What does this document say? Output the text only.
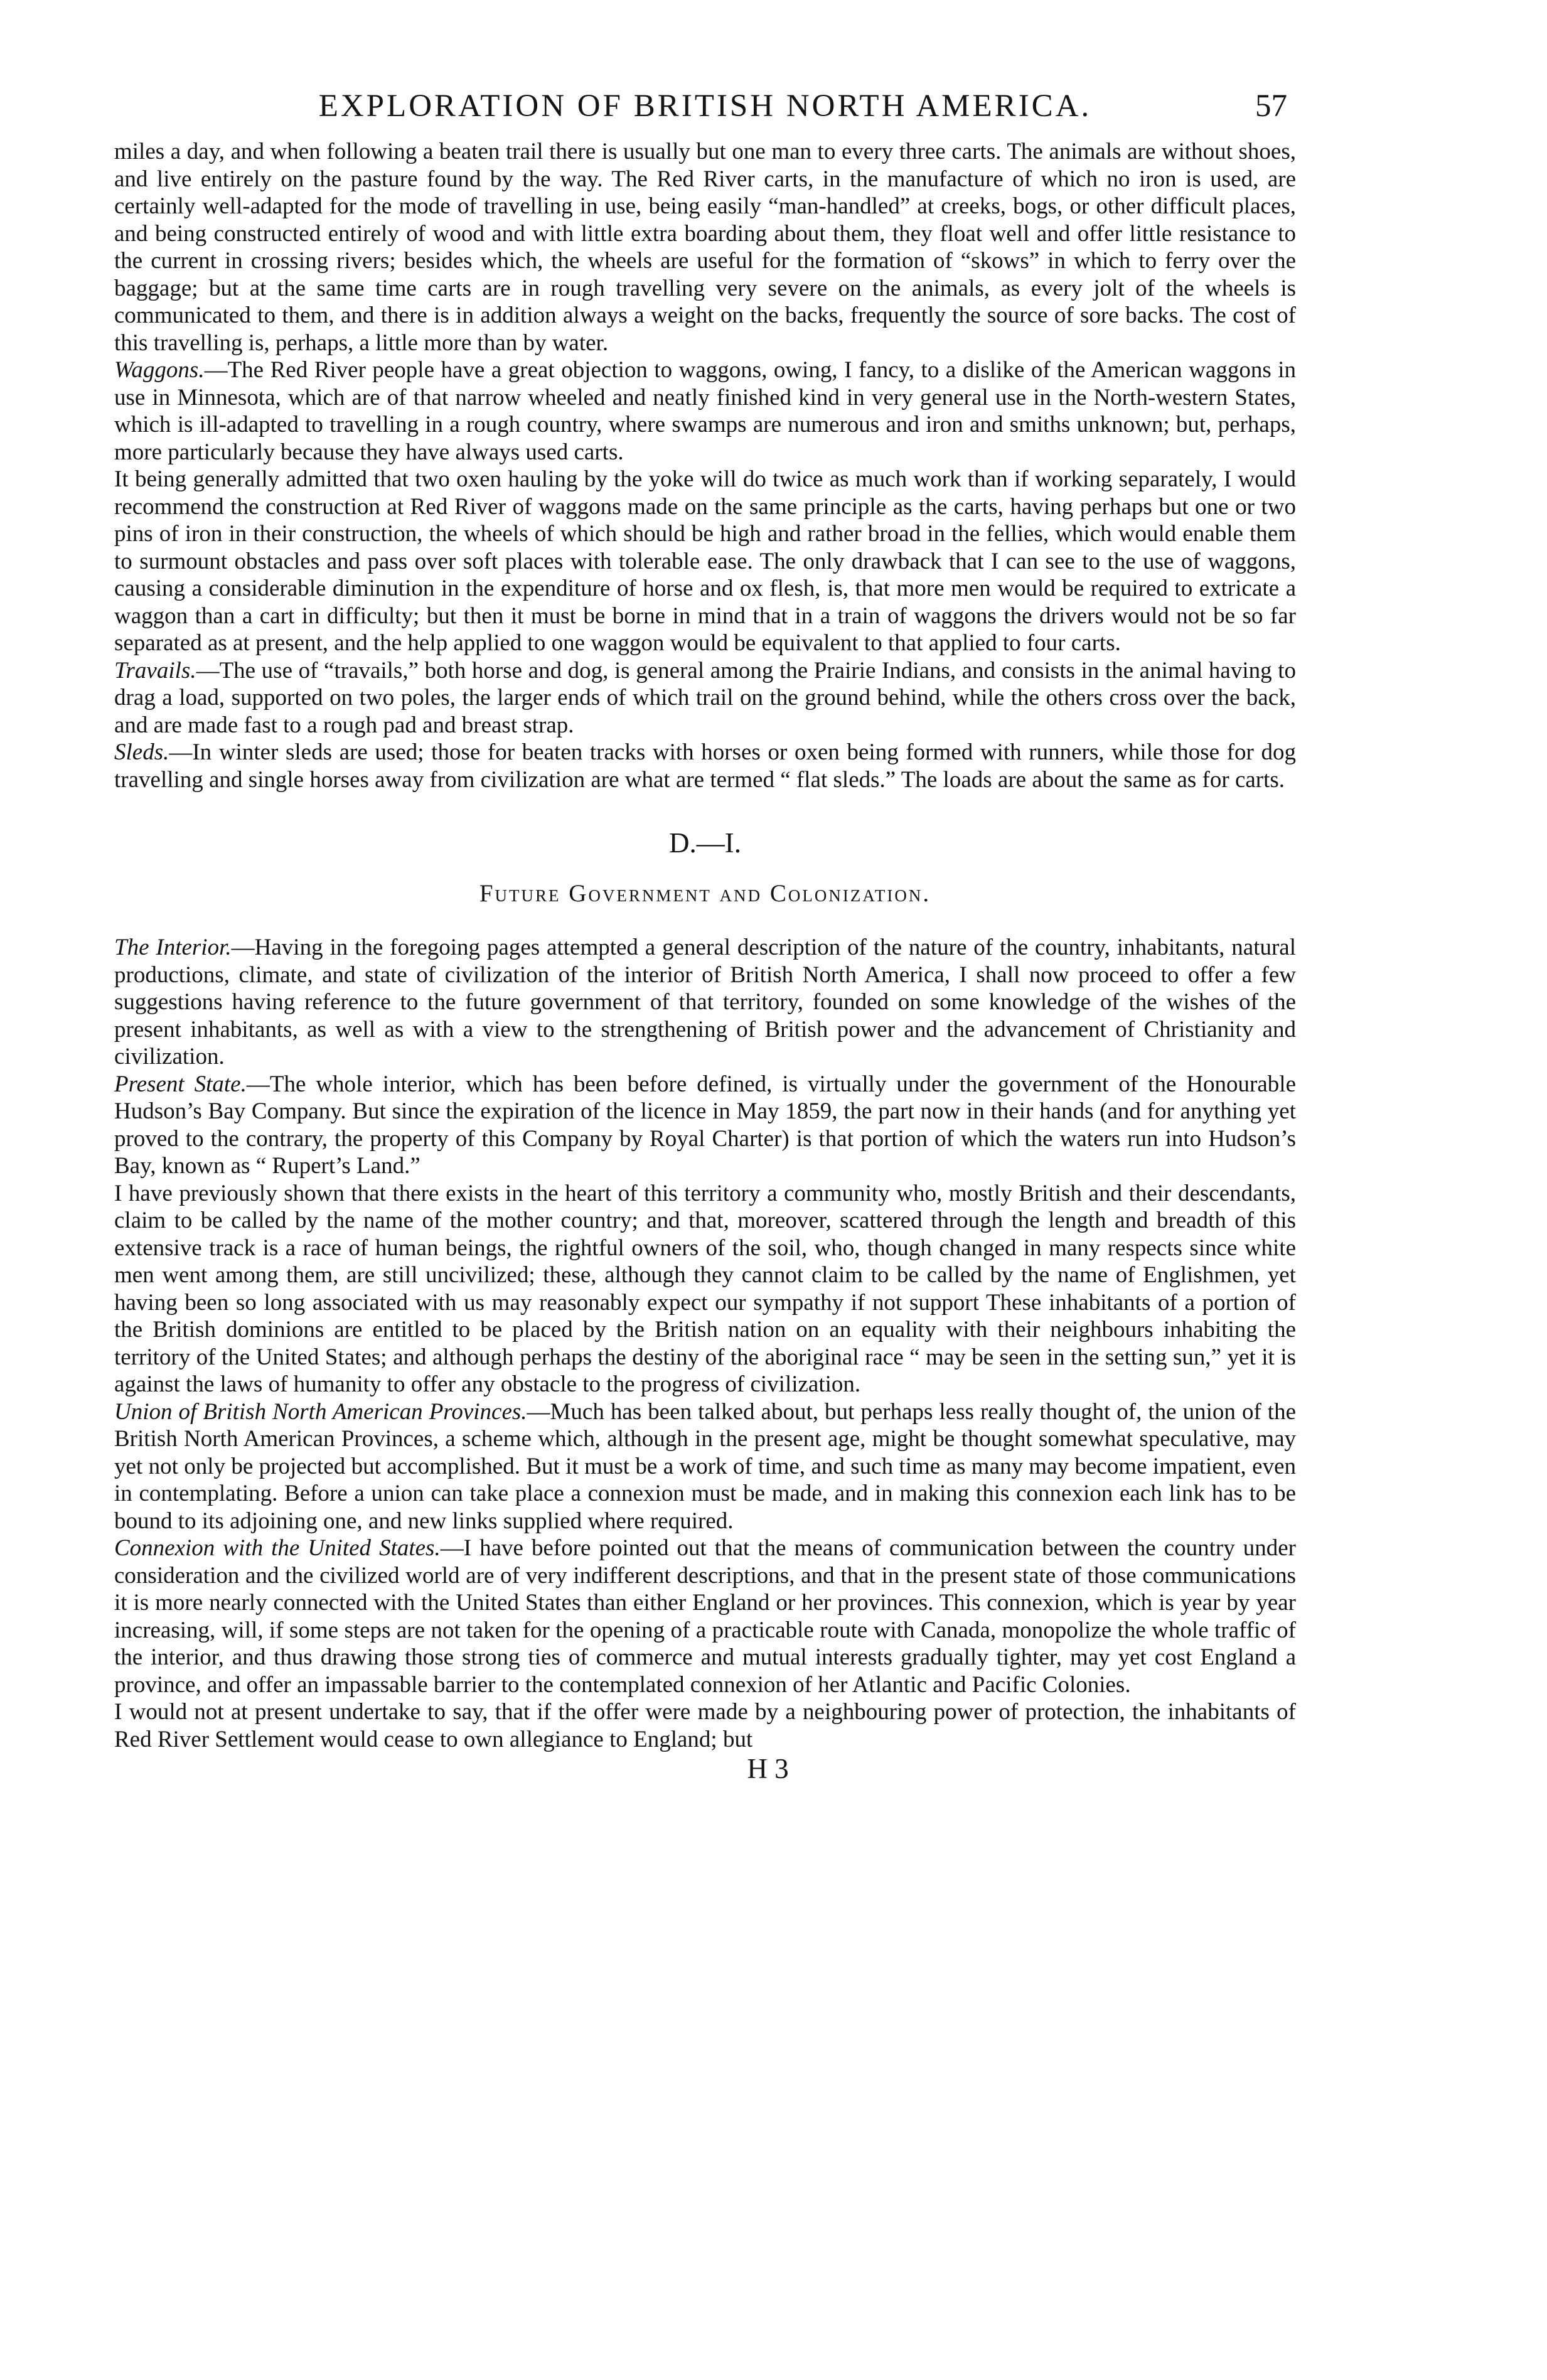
EXPLORATION OF BRITISH NORTH AMERICA.	57

miles a day, and when following a beaten trail there is usually but one man to every three carts. The animals are without shoes, and live entirely on the pasture found by the way. The Red River carts, in the manufacture of which no iron is used, are certainly well-adapted for the mode of travelling in use, being easily “man-handled” at creeks, bogs, or other difficult places, and being constructed entirely of wood and with little extra boarding about them, they float well and offer little resistance to the current in crossing rivers; besides which, the wheels are useful for the formation of “skows” in which to ferry over the baggage; but at the same time carts are in rough travelling very severe on the animals, as every jolt of the wheels is communicated to them, and there is in addition always a weight on the backs, frequently the source of sore backs. The cost of this travelling is, perhaps, a little more than by water.

Waggons.—The Red River people have a great objection to waggons, owing, I fancy, to a dislike of the American waggons in use in Minnesota, which are of that narrow wheeled and neatly finished kind in very general use in the North-western States, which is ill-adapted to travelling in a rough country, where swamps are numerous and iron and smiths unknown; but, perhaps, more particularly because they have always used carts.

It being generally admitted that two oxen hauling by the yoke will do twice as much work than if working separately, I would recommend the construction at Red River of waggons made on the same principle as the carts, having perhaps but one or two pins of iron in their construction, the wheels of which should be high and rather broad in the fellies, which would enable them to surmount obstacles and pass over soft places with tolerable ease. The only drawback that I can see to the use of waggons, causing a considerable diminution in the expenditure of horse and ox flesh, is, that more men would be required to extricate a waggon than a cart in difficulty; but then it must be borne in mind that in a train of waggons the drivers would not be so far separated as at present, and the help applied to one waggon would be equivalent to that applied to four carts.

Travails.—The use of “travails,” both horse and dog, is general among the Prairie Indians, and consists in the animal having to drag a load, supported on two poles, the larger ends of which trail on the ground behind, while the others cross over the back, and are made fast to a rough pad and breast strap.

Sleds.—In winter sleds are used; those for beaten tracks with horses or oxen being formed with runners, while those for dog travelling and single horses away from civilization are what are termed “ flat sleds.” The loads are about the same as for carts.

D.—I.
Future Government and Colonization.

The Interior.—Having in the foregoing pages attempted a general description of the nature of the country, inhabitants, natural productions, climate, and state of civilization of the interior of British North America, I shall now proceed to offer a few suggestions having reference to the future government of that territory, founded on some knowledge of the wishes of the present inhabitants, as well as with a view to the strengthening of British power and the advancement of Christianity and civilization.

Present State.—The whole interior, which has been before defined, is virtually under the government of the Honourable Hudson’s Bay Company. But since the expiration of the licence in May 1859, the part now in their hands (and for anything yet proved to the contrary, the property of this Company by Royal Charter) is that portion of which the waters run into Hudson’s Bay, known as “ Rupert’s Land.”

I have previously shown that there exists in the heart of this territory a community who, mostly British and their descendants, claim to be called by the name of the mother country; and that, moreover, scattered through the length and breadth of this extensive track is a race of human beings, the rightful owners of the soil, who, though changed in many respects since white men went among them, are still uncivilized; these, although they cannot claim to be called by the name of Englishmen, yet having been so long associated with us may reasonably expect our sympathy if not support These inhabitants of a portion of the British dominions are entitled to be placed by the British nation on an equality with their neighbours inhabiting the territory of the United States; and although perhaps the destiny of the aboriginal race “ may be seen in the setting sun,” yet it is against the laws of humanity to offer any obstacle to the progress of civilization.

Union of British North American Provinces.—Much has been talked about, but perhaps less really thought of, the union of the British North American Provinces, a scheme which, although in the present age, might be thought somewhat speculative, may yet not only be projected but accomplished. But it must be a work of time, and such time as many may become impatient, even in contemplating. Before a union can take place a connexion must be made, and in making this connexion each link has to be bound to its adjoining one, and new links supplied where required.

Connexion with the United States.—I have before pointed out that the means of communication between the country under consideration and the civilized world are of very indifferent descriptions, and that in the present state of those communications it is more nearly connected with the United States than either England or her provinces. This connexion, which is year by year increasing, will, if some steps are not taken for the opening of a practicable route with Canada, monopolize the whole traffic of the interior, and thus drawing those strong ties of commerce and mutual interests gradually tighter, may yet cost England a province, and offer an impassable barrier to the contemplated connexion of her Atlantic and Pacific Colonies.

I would not at present undertake to say, that if the offer were made by a neighbouring power of protection, the inhabitants of Red River Settlement would cease to own allegiance to England; but

H 3
